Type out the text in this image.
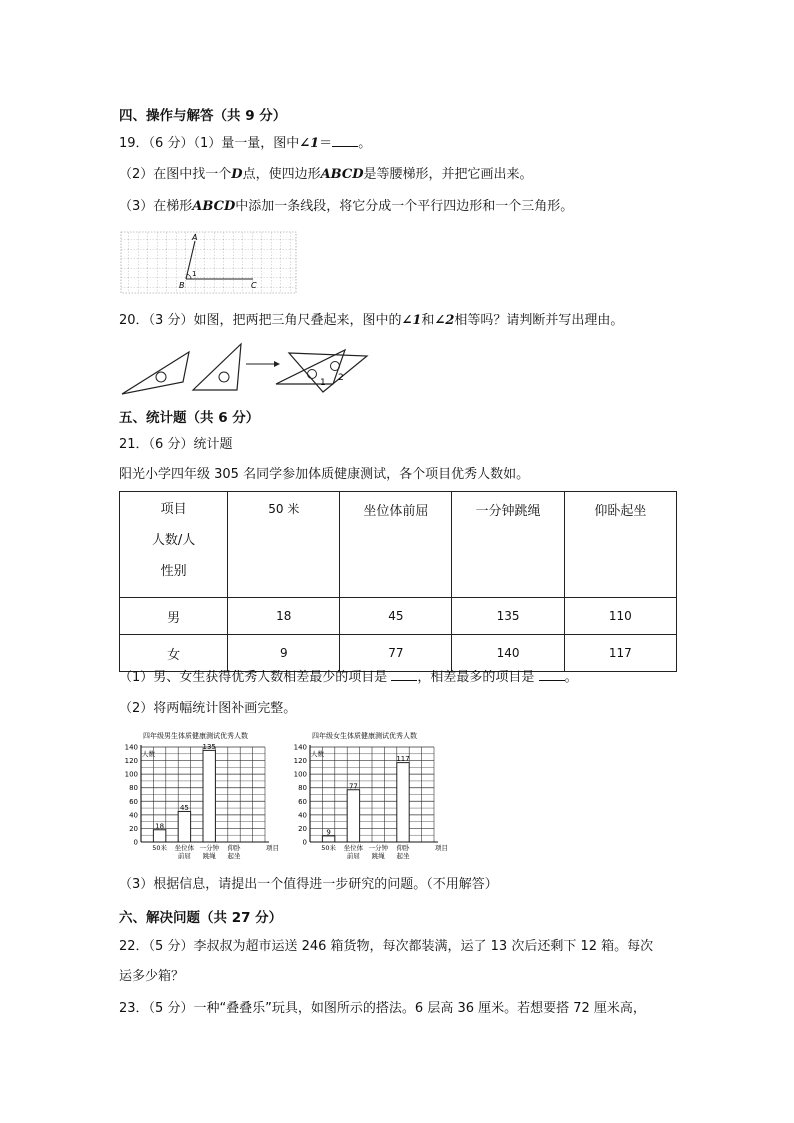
四、操作与解答（共 9 分）
19．（6 分）（1）量一量，图中∠1＝ 。
（2）在图中找一个D点，使四边形ABCD是等腰梯形，并把它画出来。
（3）在梯形ABCD中添加一条线段，将它分成一个平行四边形和一个三角形。
A
B	C
1
20．（3 分）如图，把两把三角尺叠起来，图中的∠1和∠2相等吗？请判断并写出理由。
1 2
五、统计题（共 6 分）
21．（6 分）统计题
阳光小学四年级 305 名同学参加体质健康测试，各个项目优秀人数如。
项目
人数/人
性别	50 米	坐位体前屈	一分钟跳绳	仰卧起坐
男	18	45	135	110
女	9	77	140	117
（1）男、女生获得优秀人数相差最少的项目是 ，相差最多的项目是 。
（2）将两幅统计图补画完整。
四年级男生体质健康测试优秀人数
人数
0
20
40
60
80
100
120
140
18
50米
45
坐位体
前屈
135
一分钟
跳绳
仰卧
起坐
项目
四年级女生体质健康测试优秀人数
人数
0
20
40
60
80
100
120
140
9
50米
77
坐位体
前屈
一分钟
跳绳
117
仰卧
起坐
项目
（3）根据信息，请提出一个值得进一步研究的问题。（不用解答）
六、解决问题（共 27 分）
22．（5 分）李叔叔为超市运送 246 箱货物，每次都装满，运了 13 次后还剩下 12 箱。每次
运多少箱？
23．（5 分）一种“叠叠乐”玩具，如图所示的搭法。6 层高 36 厘米。若想要搭 72 厘米高，
